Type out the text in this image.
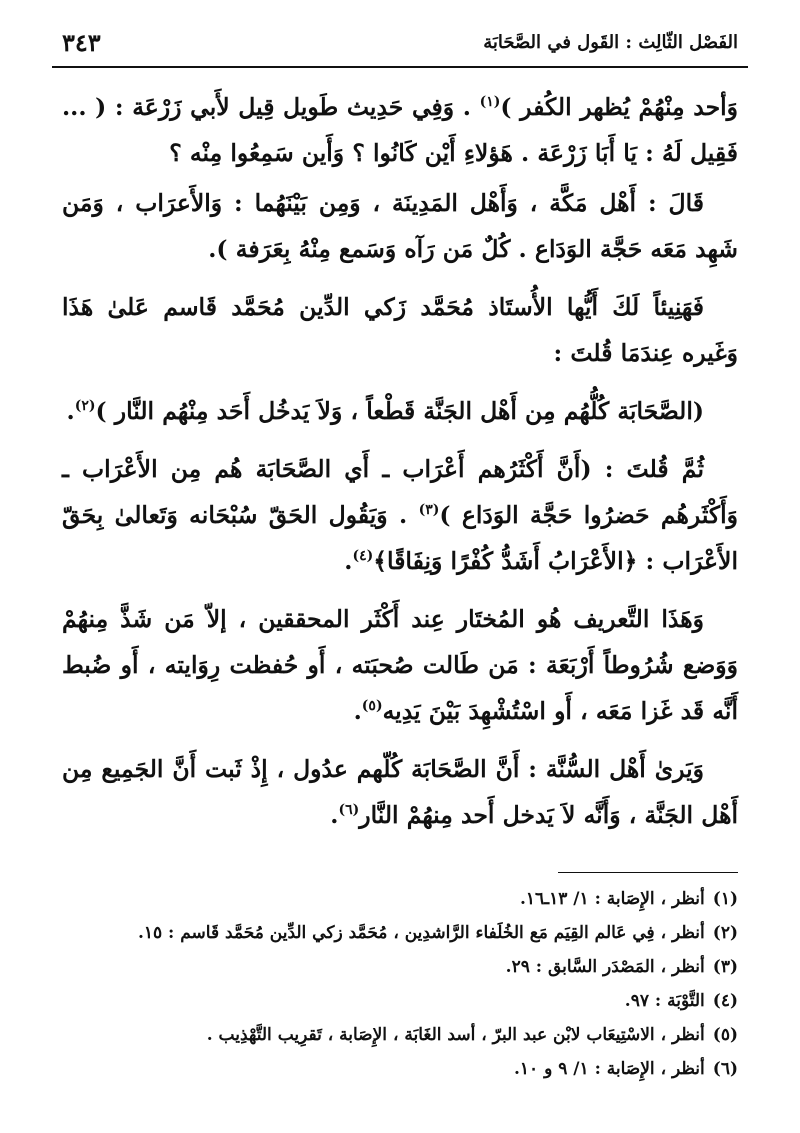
الفَصْل الثّالِث : القَول في الصَّحَابَة
٣٤٣

وَأحد مِنْهُمْ يُظهر الكُفر )$^{(١)}$ . وَفِي حَدِيث طَويل قِيل لأَبي زَرْعَة : ( ... فَقِيل لَهُ : يَا أَبَا زَرْعَة . هَؤلاءِ أَيْن كَانُوا ؟ وَأَين سَمِعُوا مِنْه ؟

قَالَ : أَهْل مَكَّة ، وَأَهْل المَدِينَة ، وَمِن بَيْنَهُما : وَالأَعرَاب ، وَمَن شَهِد مَعَه حَجَّة الوَدَاع . كُلٌ مَن رَآه وَسَمع مِنْهُ بِعَرَفة ).

فَهَنِيئاً لَكَ أَيُّها الأُستَاذ مُحَمَّد زَكي الدِّين مُحَمَّد قَاسم عَلىٰ هَذَا وَغَيره عِندَمَا قُلتَ :

(الصَّحَابَة كُلُّهُم مِن أَهْل الجَنَّة قَطْعاً ، وَلاَ يَدخُل أَحَد مِنْهُم النَّار )$^{(٢)}$.

ثُمَّ قُلتَ : (أَنَّ أَكْثَرُهم أَعْرَاب ـ أَي الصَّحَابَة هُم مِن الأَعْرَاب ـ وَأَكْثَرهُم حَضرُوا حَجَّة الوَدَاع )$^{(٣)}$ . وَيَقُول الحَقّ سُبْحَانه وَتَعالىٰ بِحَقّ الأَعْرَاب : ﴿الأَعْرَابُ أَشَدُّ كُفْرًا وَنِفَاقًا﴾$^{(٤)}$.

وَهَذَا التَّعريف هُو المُختَار عِند أَكْثَر المحققين ، إلاّ مَن شَذَّ مِنهُمْ وَوَضع شُرُوطاً أَرْبَعَة : مَن طَالت صُحبَته ، أَو حُفظت رِوَايته ، أَو ضُبط أَنَّه قَد غَزا مَعَه ، أَو اسْتُشْهِدَ بَيْنَ يَدِيه$^{(٥)}$.

وَيَرىٰ أَهْل السُّنَّة : أَنَّ الصَّحَابَة كُلّهم عدُول ، إِذْ ثَبت أَنَّ الجَمِيع مِن أَهْل الجَنَّة ، وَأَنَّه لاَ يَدخل أَحد مِنهُمْ النَّار$^{(٦)}$.

(١)أنظر ، الإِصَابة : ١/ ١٣ـ١٦.
(٢)أنظر ، فِي عَالم القِيَم مَع الخُلَفاء الرَّاشدِين ، مُحَمَّد زكي الدِّين مُحَمَّد قَاسم : ١٥.
(٣)أنظر ، المَصْدَر السَّابق : ٢٩.
(٤)التَّوْبَة : ٩٧.
(٥)أنظر ، الاسْتِيعَاب لابْن عبد البرّ ، أسد الغَابَة ، الإِصَابة ، تَقرِيب التَّهْذِيب .
(٦)أنظر ، الإِصَابة : ١/ ٩ و ١٠.
